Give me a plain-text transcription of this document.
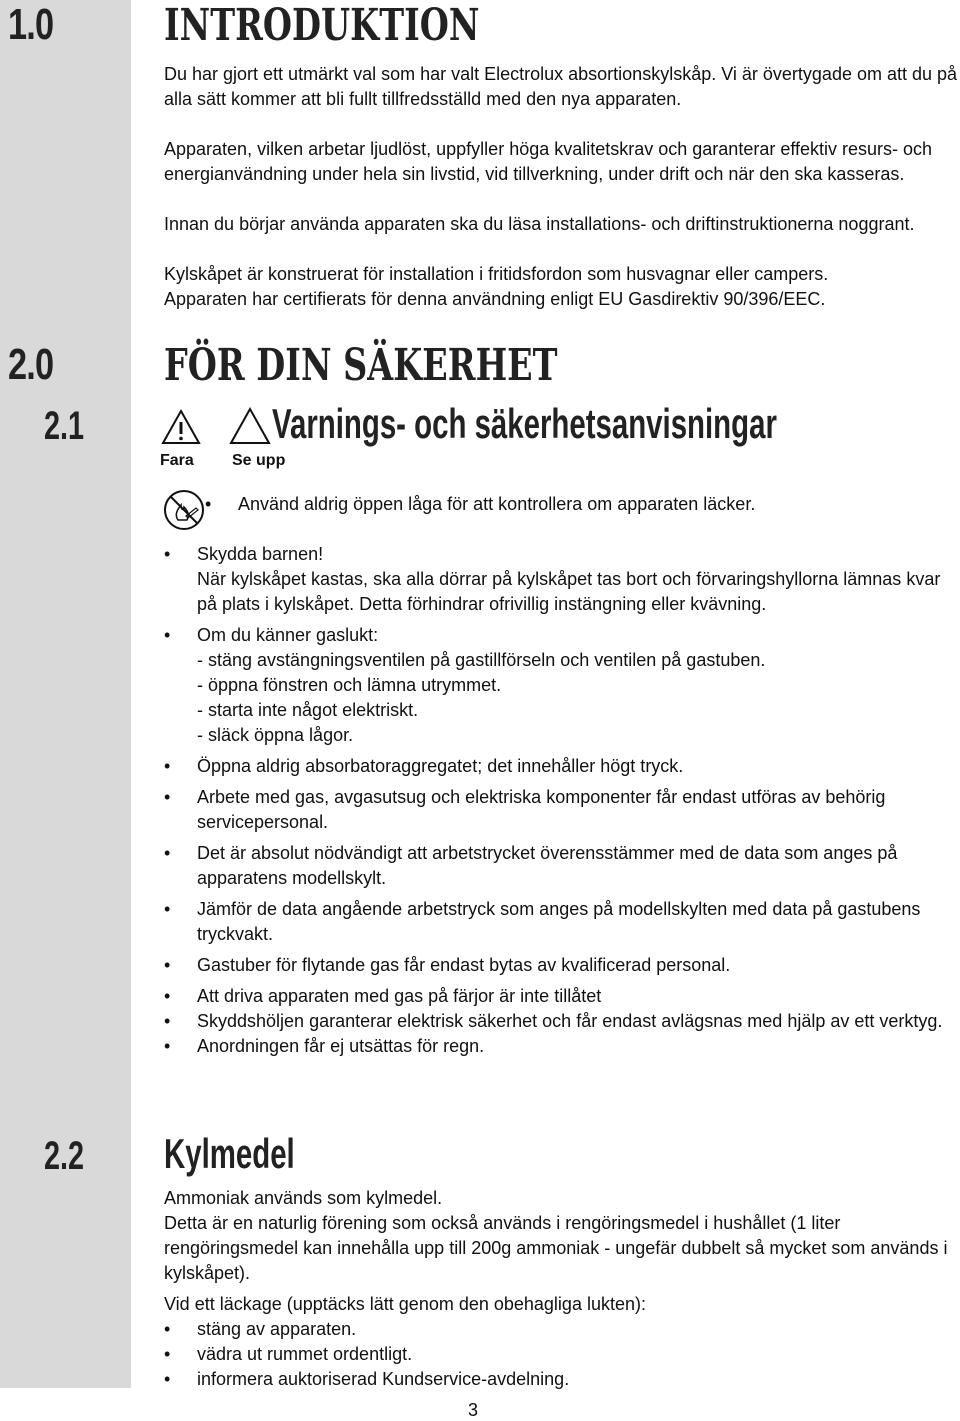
1.0	INTRODUKTION

Du har gjort ett utmärkt val som har valt Electrolux absortionskylskåp. Vi är övertygade om att du på alla sätt kommer att bli fullt tillfredsställd med den nya apparaten.

Apparaten, vilken arbetar ljudlöst, uppfyller höga kvalitetskrav och garanterar effektiv resurs- och energianvändning under hela sin livstid, vid tillverkning, under drift och när den ska kasseras.

Innan du börjar använda apparaten ska du läsa installations- och driftinstruktionerna noggrant.

Kylskåpet är konstruerat för installation i fritidsfordon som husvagnar eller campers.

Apparaten har certifierats för denna användning enligt EU Gasdirektiv 90/396/EEC.

2.0	FÖR DIN SÄKERHET
2.1
Fara Se upp
Varnings- och säkerhetsanvisningar
• Använd aldrig öppen låga för att kontrollera om apparaten läcker.
• Skydda barnen!
När kylskåpet kastas, ska alla dörrar på kylskåpet tas bort och förvaringshyllorna lämnas kvar på plats i kylskåpet. Detta förhindrar ofrivillig instängning eller kvävning.
• Om du känner gaslukt:
- stäng avstängningsventilen på gastillförseln och ventilen på gastuben.
- öppna fönstren och lämna utrymmet.
- starta inte något elektriskt.
- släck öppna lågor.
• Öppna aldrig absorbatoraggregatet; det innehåller högt tryck.
• Arbete med gas, avgasutsug och elektriska komponenter får endast utföras av behörig servicepersonal.
• Det är absolut nödvändigt att arbetstrycket överensstämmer med de data som anges på apparatens modellskylt.
• Jämför de data angående arbetstryck som anges på modellskylten med data på gastubens tryckvakt.
• Gastuber för flytande gas får endast bytas av kvalificerad personal.
• Att driva apparaten med gas på färjor är inte tillåtet
• Skyddshöljen garanterar elektrisk säkerhet och får endast avlägsnas med hjälp av ett verktyg.
• Anordningen får ej utsättas för regn.
2.2 Kylmedel

Ammoniak används som kylmedel.

Detta är en naturlig förening som också används i rengöringsmedel i hushållet (1 liter rengöringsmedel kan innehålla upp till 200g ammoniak - ungefär dubbelt så mycket som används i kylskåpet).

Vid ett läckage (upptäcks lätt genom den obehagliga lukten):

• stäng av apparaten.
• vädra ut rummet ordentligt.
• informera auktoriserad Kundservice-avdelning.
3
